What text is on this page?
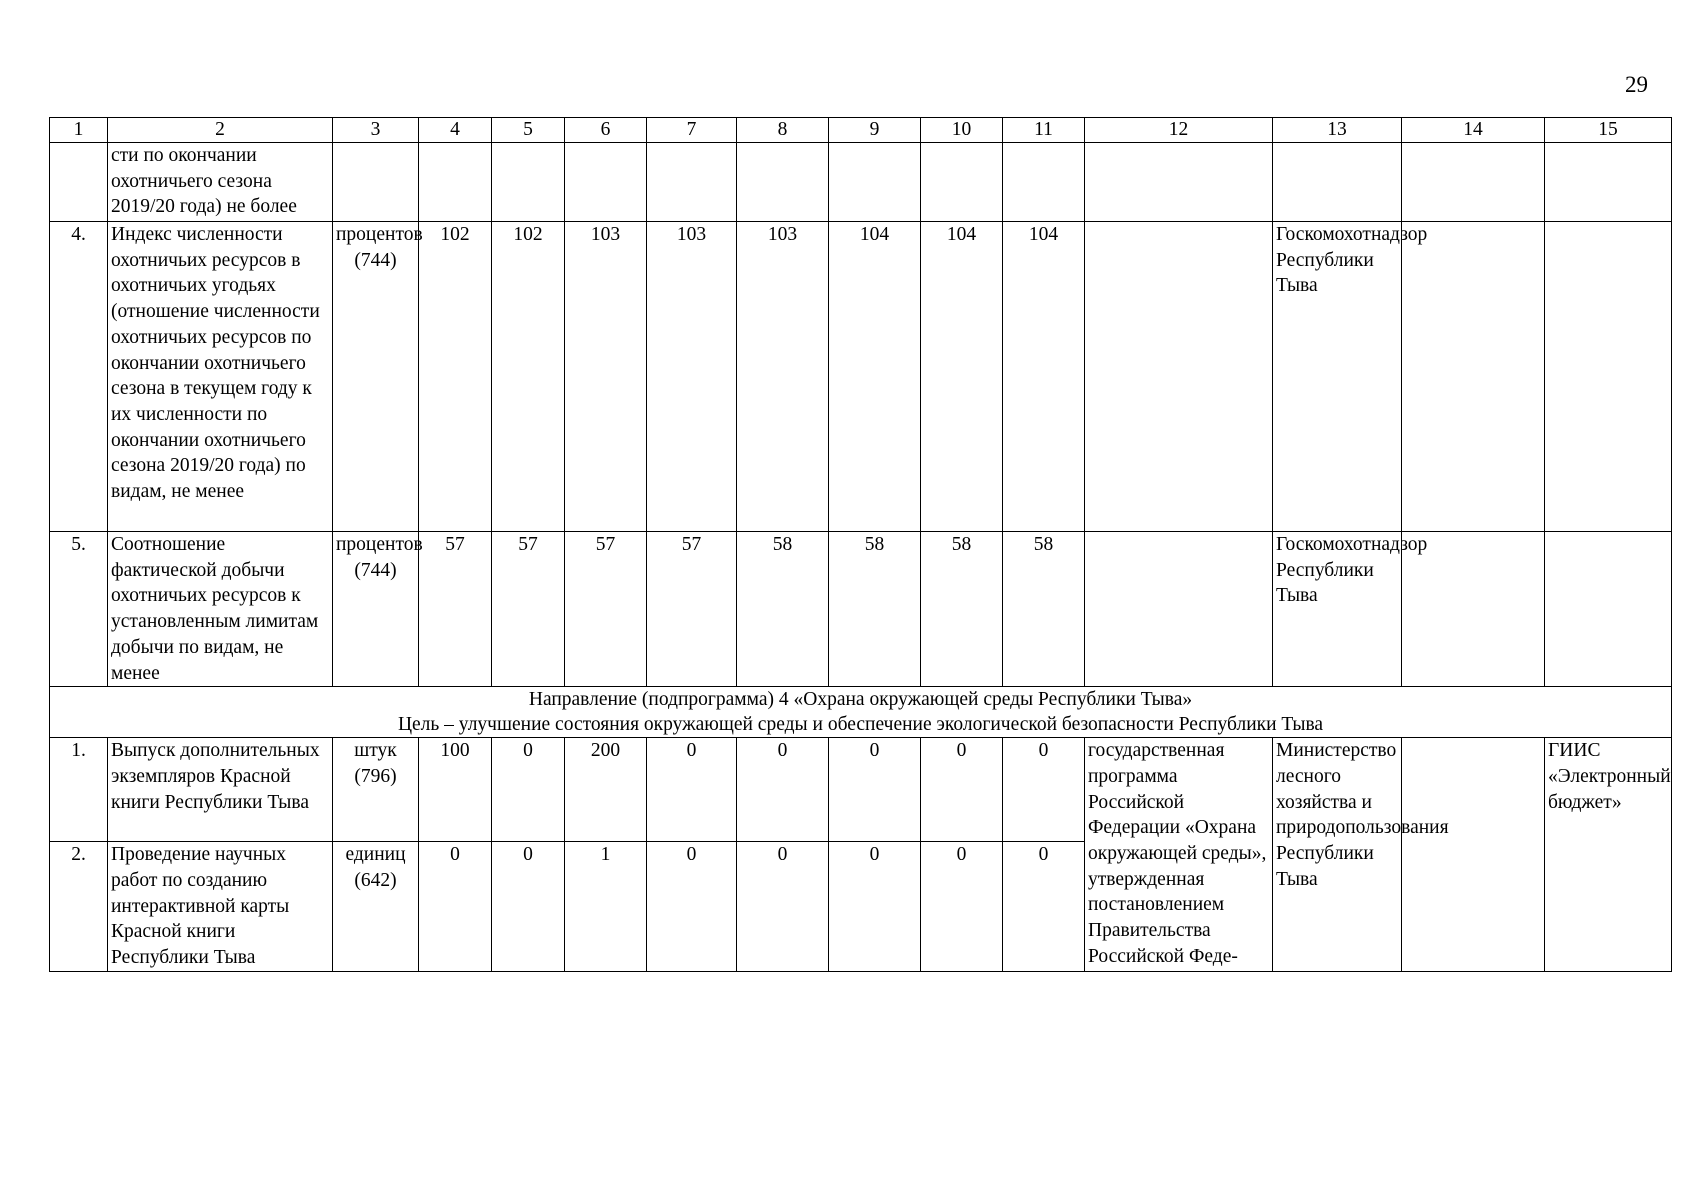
29
1	2	3	4	5	6	7	8	9	10	11	12	13	14	15
	сти по окончании охотничьего сезона 2019/20 года) не более													
4.	Индекс численности охотничьих ресурсов в охотничьих угодьях (отношение численности охотничьих ресурсов по окончании охотничьего сезона в текущем году к их численности по окончании охотничьего сезона 2019/20 года) по видам, не менее	процентов (744)	102	102	103	103	103	104	104	104		Госкомохотнадзор Республики Тыва		
5.	Соотношение фактической добычи охотничьих ресурсов к установленным лимитам добычи по видам, не менее	процентов (744)	57	57	57	57	58	58	58	58		Госкомохотнадзор Республики Тыва		

Направление (подпрограмма) 4 «Охрана окружающей среды Республики Тыва»
Цель – улучшение состояния окружающей среды и обеспечение экологической безопасности Республики Тыва														

1.	Выпуск дополнительных экземпляров Красной книги Республики Тыва	штук (796)	100	0	200	0	0	0	0	0	государственная программа Российской Федерации «Охрана окружающей среды», утвержденная постановлением Правительства Российской Феде-	Министерство лесного хозяйства и природопользования Республики Тыва		ГИИС «Электронный бюджет»
2.	Проведение научных работ по созданию интерактивной карты Красной книги Республики Тыва	единиц (642)	0	0	1	0	0	0	0	0				
